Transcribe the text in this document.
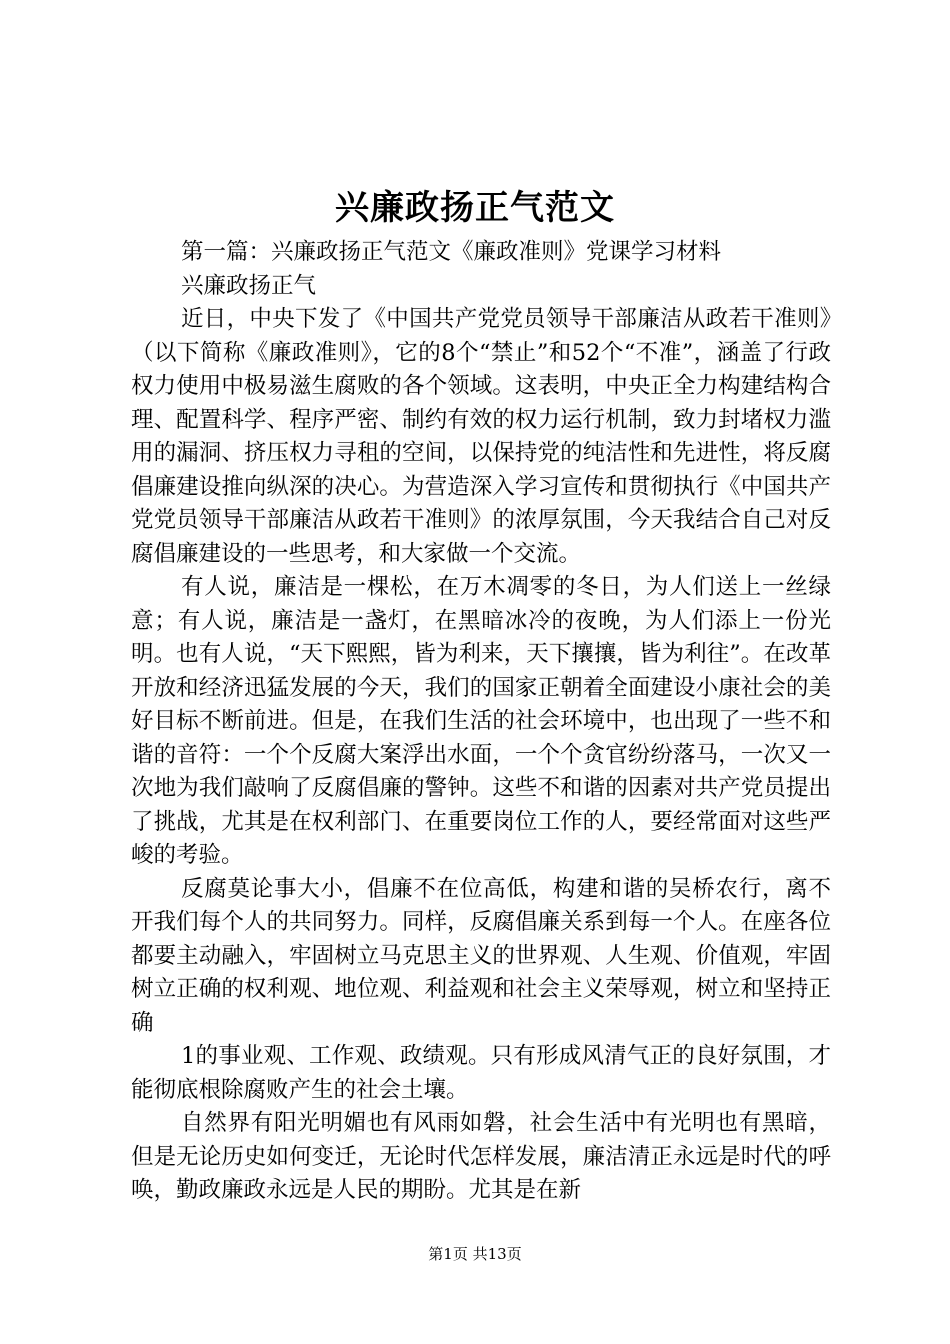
兴廉政扬正气范文

第一篇：兴廉政扬正气范文《廉政准则》党课学习材料

兴廉政扬正气

近日，中央下发了《中国共产党党员领导干部廉洁从政若干准则》（以下简称《廉政准则》，它的8个“禁止”和52个“不准”，涵盖了行政权力使用中极易滋生腐败的各个领域。这表明，中央正全力构建结构合理、配置科学、程序严密、制约有效的权力运行机制，致力封堵权力滥用的漏洞、挤压权力寻租的空间，以保持党的纯洁性和先进性，将反腐倡廉建设推向纵深的决心。为营造深入学习宣传和贯彻执行《中国共产党党员领导干部廉洁从政若干准则》的浓厚氛围，今天我结合自己对反腐倡廉建设的一些思考，和大家做一个交流。

有人说，廉洁是一棵松，在万木凋零的冬日，为人们送上一丝绿意；有人说，廉洁是一盏灯，在黑暗冰冷的夜晚，为人们添上一份光明。也有人说，“天下熙熙，皆为利来，天下攘攘，皆为利往”。在改革开放和经济迅猛发展的今天，我们的国家正朝着全面建设小康社会的美好目标不断前进。但是，在我们生活的社会环境中，也出现了一些不和谐的音符：一个个反腐大案浮出水面，一个个贪官纷纷落马，一次又一次地为我们敲响了反腐倡廉的警钟。这些不和谐的因素对共产党员提出了挑战，尤其是在权利部门、在重要岗位工作的人，要经常面对这些严峻的考验。

反腐莫论事大小，倡廉不在位高低，构建和谐的吴桥农行，离不开我们每个人的共同努力。同样，反腐倡廉关系到每一个人。在座各位都要主动融入，牢固树立马克思主义的世界观、人生观、价值观，牢固树立正确的权利观、地位观、利益观和社会主义荣辱观，树立和坚持正确

1的事业观、工作观、政绩观。只有形成风清气正的良好氛围，才能彻底根除腐败产生的社会土壤。

自然界有阳光明媚也有风雨如磐，社会生活中有光明也有黑暗，但是无论历史如何变迁，无论时代怎样发展，廉洁清正永远是时代的呼唤，勤政廉政永远是人民的期盼。尤其是在新

第1页 共13页
